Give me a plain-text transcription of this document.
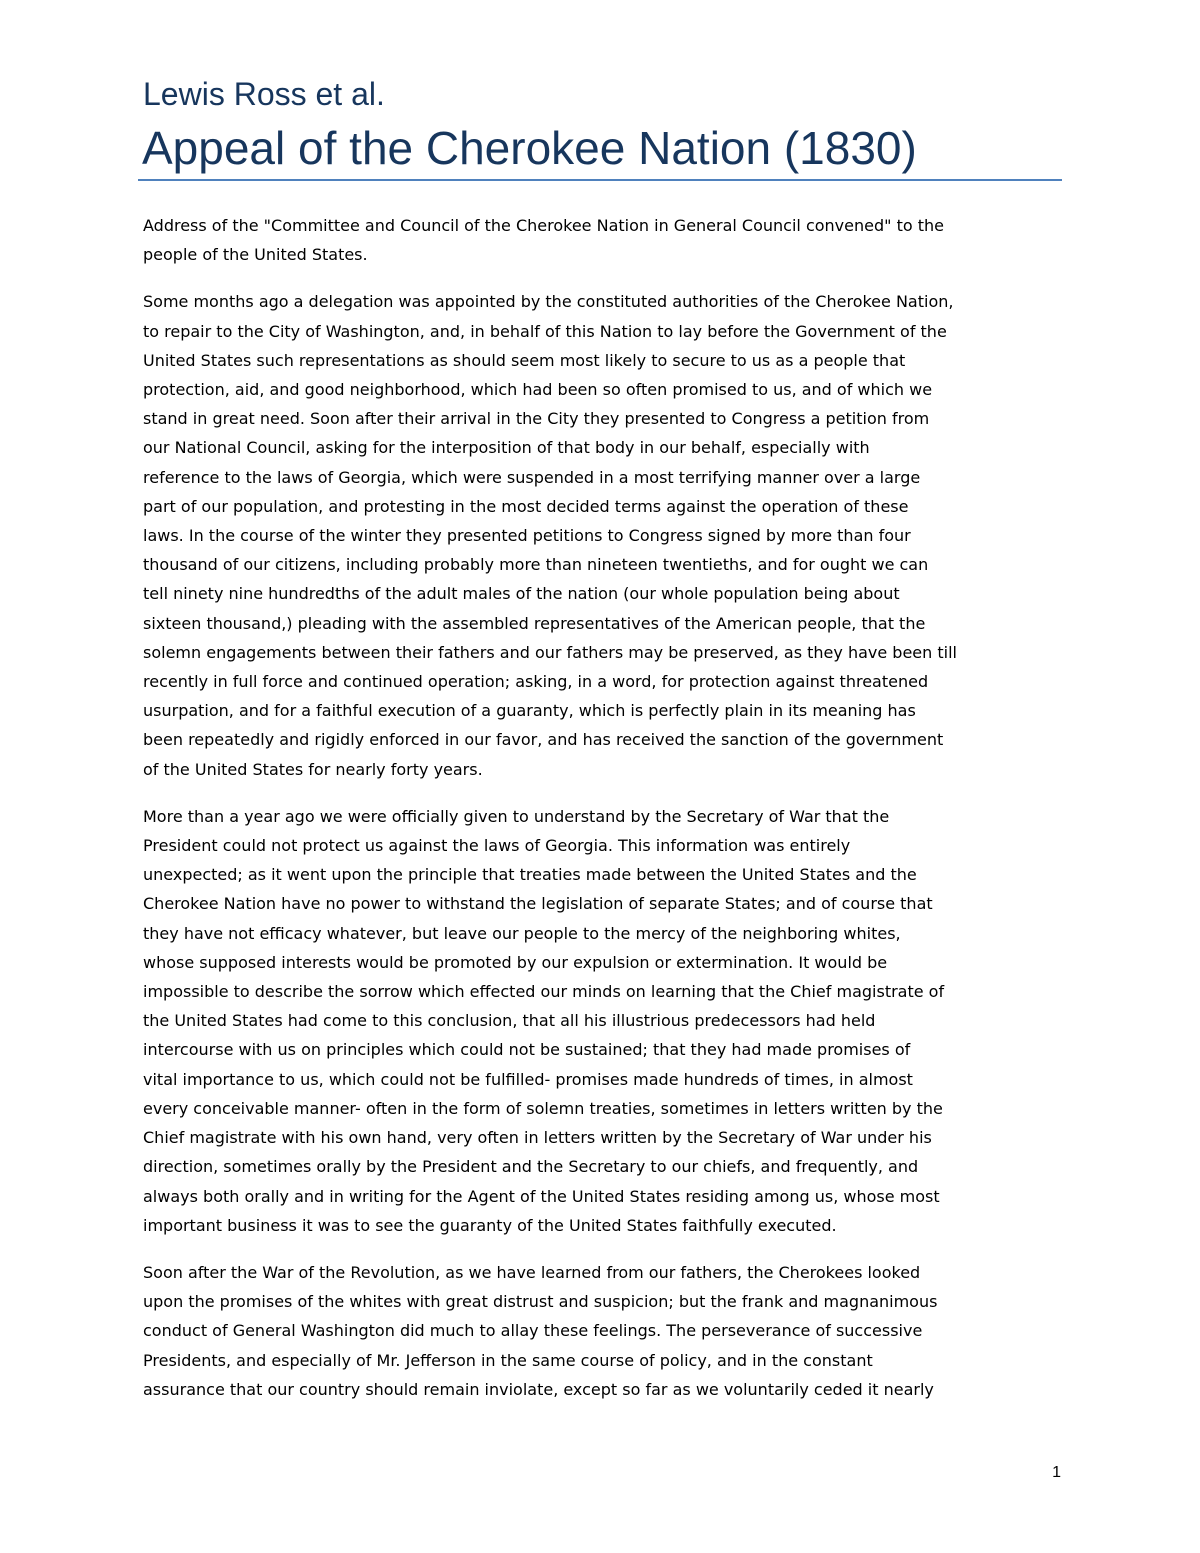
Lewis Ross et al.
Appeal of the Cherokee Nation (1830)

Address of the "Committee and Council of the Cherokee Nation in General Council convened" to the
people of the United States.

Some months ago a delegation was appointed by the constituted authorities of the Cherokee Nation,
to repair to the City of Washington, and, in behalf of this Nation to lay before the Government of the
United States such representations as should seem most likely to secure to us as a people that
protection, aid, and good neighborhood, which had been so often promised to us, and of which we
stand in great need. Soon after their arrival in the City they presented to Congress a petition from
our National Council, asking for the interposition of that body in our behalf, especially with
reference to the laws of Georgia, which were suspended in a most terrifying manner over a large
part of our population, and protesting in the most decided terms against the operation of these
laws. In the course of the winter they presented petitions to Congress signed by more than four
thousand of our citizens, including probably more than nineteen twentieths, and for ought we can
tell ninety nine hundredths of the adult males of the nation (our whole population being about
sixteen thousand,) pleading with the assembled representatives of the American people, that the
solemn engagements between their fathers and our fathers may be preserved, as they have been till
recently in full force and continued operation; asking, in a word, for protection against threatened
usurpation, and for a faithful execution of a guaranty, which is perfectly plain in its meaning has
been repeatedly and rigidly enforced in our favor, and has received the sanction of the government
of the United States for nearly forty years.

More than a year ago we were officially given to understand by the Secretary of War that the
President could not protect us against the laws of Georgia. This information was entirely
unexpected; as it went upon the principle that treaties made between the United States and the
Cherokee Nation have no power to withstand the legislation of separate States; and of course that
they have not efficacy whatever, but leave our people to the mercy of the neighboring whites,
whose supposed interests would be promoted by our expulsion or extermination. It would be
impossible to describe the sorrow which effected our minds on learning that the Chief magistrate of
the United States had come to this conclusion, that all his illustrious predecessors had held
intercourse with us on principles which could not be sustained; that they had made promises of
vital importance to us, which could not be fulfilled- promises made hundreds of times, in almost
every conceivable manner- often in the form of solemn treaties, sometimes in letters written by the
Chief magistrate with his own hand, very often in letters written by the Secretary of War under his
direction, sometimes orally by the President and the Secretary to our chiefs, and frequently, and
always both orally and in writing for the Agent of the United States residing among us, whose most
important business it was to see the guaranty of the United States faithfully executed.

Soon after the War of the Revolution, as we have learned from our fathers, the Cherokees looked
upon the promises of the whites with great distrust and suspicion; but the frank and magnanimous
conduct of General Washington did much to allay these feelings. The perseverance of successive
Presidents, and especially of Mr. Jefferson in the same course of policy, and in the constant
assurance that our country should remain inviolate, except so far as we voluntarily ceded it nearly

1
